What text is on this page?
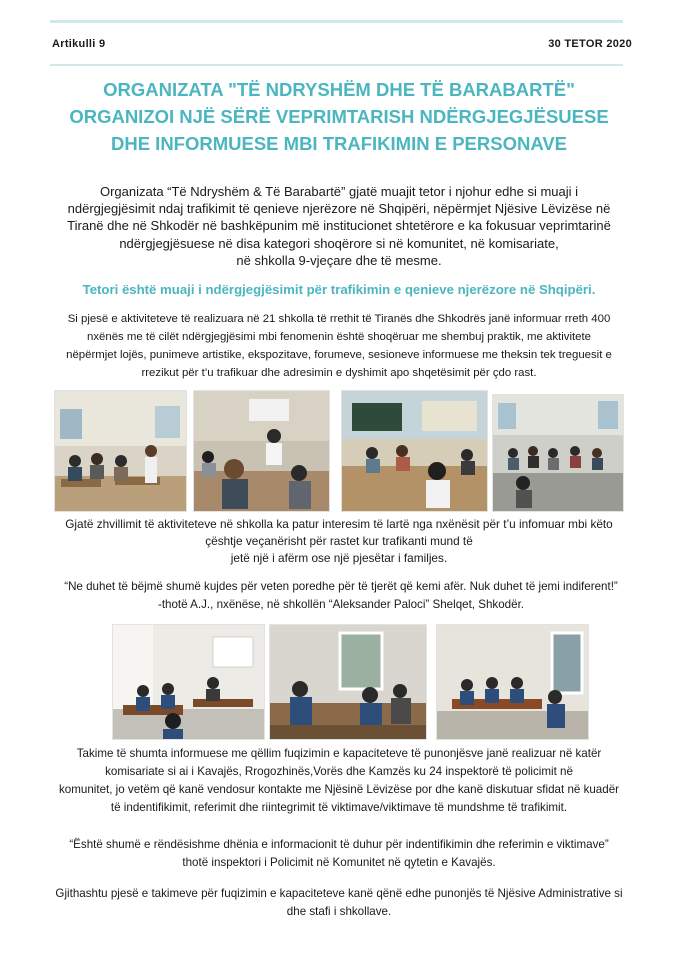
Artikulli 9	30 TETOR 2020
ORGANIZATA "TË NDRYSHËM DHE TË BARABARTË"
ORGANIZOI NJË SËRË VEPRIMTARISH NDËRGJEGJËSUESE
DHE INFORMUESE MBI TRAFIKIMIN E PERSONAVE
Organizata “Të Ndryshëm & Të Barabartë” gjatë muajit tetor i njohur edhe si muaji i
ndërgjegjësimit ndaj trafikimit të qenieve njerëzore në Shqipëri, nëpërmjet Njësive Lëvizëse në
Tiranë dhe në Shkodër në bashkëpunim më institucionet shtetërore e ka fokusuar veprimtarinë
ndërgjegjësuese në disa kategori shoqërore si në komunitet, në komisariate,
në shkolla 9-vjeçare dhe të mesme.
Tetori është muaji i ndërgjegjësimit për trafikimin e qenieve njerëzore në Shqipëri.
Si pjesë e aktiviteteve të realizuara në 21 shkolla të rrethit të Tiranës dhe Shkodrës janë informuar rreth 400
nxënës me të cilët ndërgjegjësimi mbi fenomenin është shoqëruar me shembuj praktik, me aktivitete
nëpërmjet lojës, punimeve artistike, ekspozitave, forumeve, sesioneve informuese me theksin tek treguesit e
rrezikut për t’u trafikuar dhe adresimin e dyshimit apo shqetësimit për çdo rast.
Gjatë zhvillimit të aktiviteteve në shkolla ka patur interesim të lartë nga nxënësit për t’u infomuar mbi këto
çështje veçanërisht për rastet kur trafikanti mund të
jetë një i afërm ose një pjesëtar i familjes.
“Ne duhet të bëjmë shumë kujdes për veten poredhe për të tjerët që kemi afër. Nuk duhet të jemi indiferent!”
-thotë A.J., nxënëse, në shkollën “Aleksander Paloci” Shelqet, Shkodër.
Takime të shumta informuese me qëllim fuqizimin e kapaciteteve të punonjësve janë realizuar në katër
komisariate si ai i Kavajës, Rrogozhinës,Vorës dhe Kamzës ku 24 inspektorë të policimit në
komunitet, jo vetëm që kanë vendosur kontakte me Njësinë Lëvizëse por dhe kanë diskutuar sfidat në kuadër
të indentifikimit, referimit dhe riintegrimit të viktimave/viktimave të mundshme të trafikimit.
“Është shumë e rëndësishme dhënia e informacionit të duhur për indentifikimin dhe referimin e viktimave”
thotë inspektori i Policimit në Komunitet në qytetin e Kavajës.
Gjithashtu pjesë e takimeve për fuqizimin e kapaciteteve kanë qënë edhe punonjës të Njësive Administrative si
dhe stafi i shkollave.
